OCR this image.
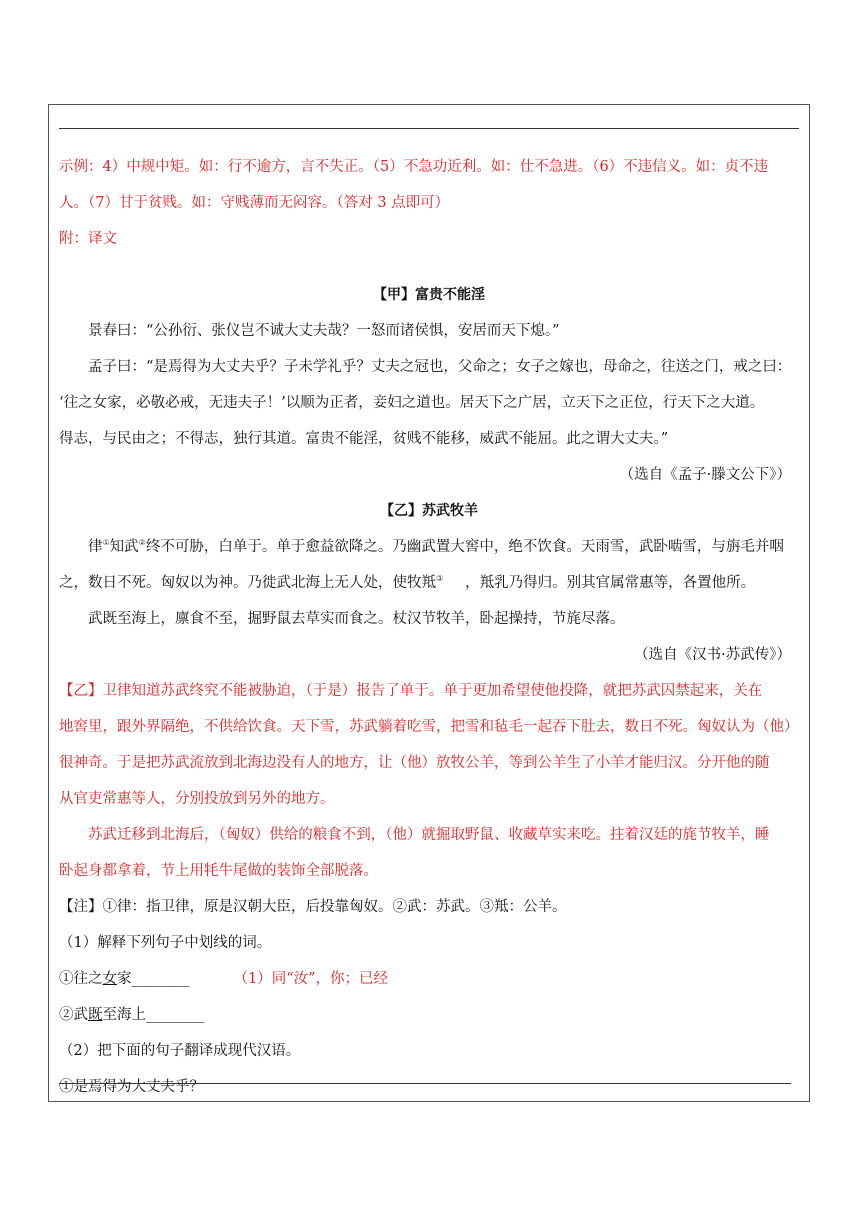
示例：4）中规中矩。如：行不逾方，言不失正。（5）不急功近利。如：仕不急进。（6）不违信义。如：贞不违

人。（7）甘于贫贱。如：守贱薄而无闷容。（答对 3 点即可）

附：译文

【甲】富贵不能淫

景春曰：“公孙衍、张仪岂不诚大丈夫哉？一怒而诸侯惧，安居而天下熄。”

孟子曰：“是焉得为大丈夫乎？子未学礼乎？丈夫之冠也，父命之；女子之嫁也，母命之，往送之门，戒之曰：

‘往之女家，必敬必戒，无违夫子！’以顺为正者，妾妇之道也。居天下之广居，立天下之正位，行天下之大道。

得志，与民由之；不得志，独行其道。富贵不能淫，贫贱不能移，威武不能屈。此之谓大丈夫。”

（选自《孟子·滕文公下》）

【乙】苏武牧羊

律①知武②终不可胁，白单于。单于愈益欲降之。乃幽武置大窖中，绝不饮食。天雨雪，武卧啮雪，与旃毛并咽

之，数日不死。匈奴以为神。乃徙武北海上无人处，使牧羝③ ，羝乳乃得归。别其官属常惠等，各置他所。

武既至海上，廪食不至，掘野鼠去草实而食之。杖汉节牧羊，卧起操持，节旄尽落。

（选自《汉书·苏武传》）

【乙】卫律知道苏武终究不能被胁迫，（于是）报告了单于。单于更加希望使他投降，就把苏武囚禁起来，关在

地窖里，跟外界隔绝，不供给饮食。天下雪，苏武躺着吃雪，把雪和毡毛一起吞下肚去，数日不死。匈奴认为（他）

很神奇。于是把苏武流放到北海边没有人的地方，让（他）放牧公羊，等到公羊生了小羊才能归汉。分开他的随

从官吏常惠等人，分别投放到另外的地方。

苏武迁移到北海后，（匈奴）供给的粮食不到，（他）就掘取野鼠、收藏草实来吃。拄着汉廷的旄节牧羊，睡

卧起身都拿着，节上用牦牛尾做的装饰全部脱落。

【注】①律：指卫律，原是汉朝大臣，后投靠匈奴。②武：苏武。③羝：公羊。

（1）解释下列句子中划线的词。

①往之女家________	（1）同“汝”，你；已经

②武既至海上________

（2）把下面的句子翻译成现代汉语。

①是焉得为大丈夫乎？
